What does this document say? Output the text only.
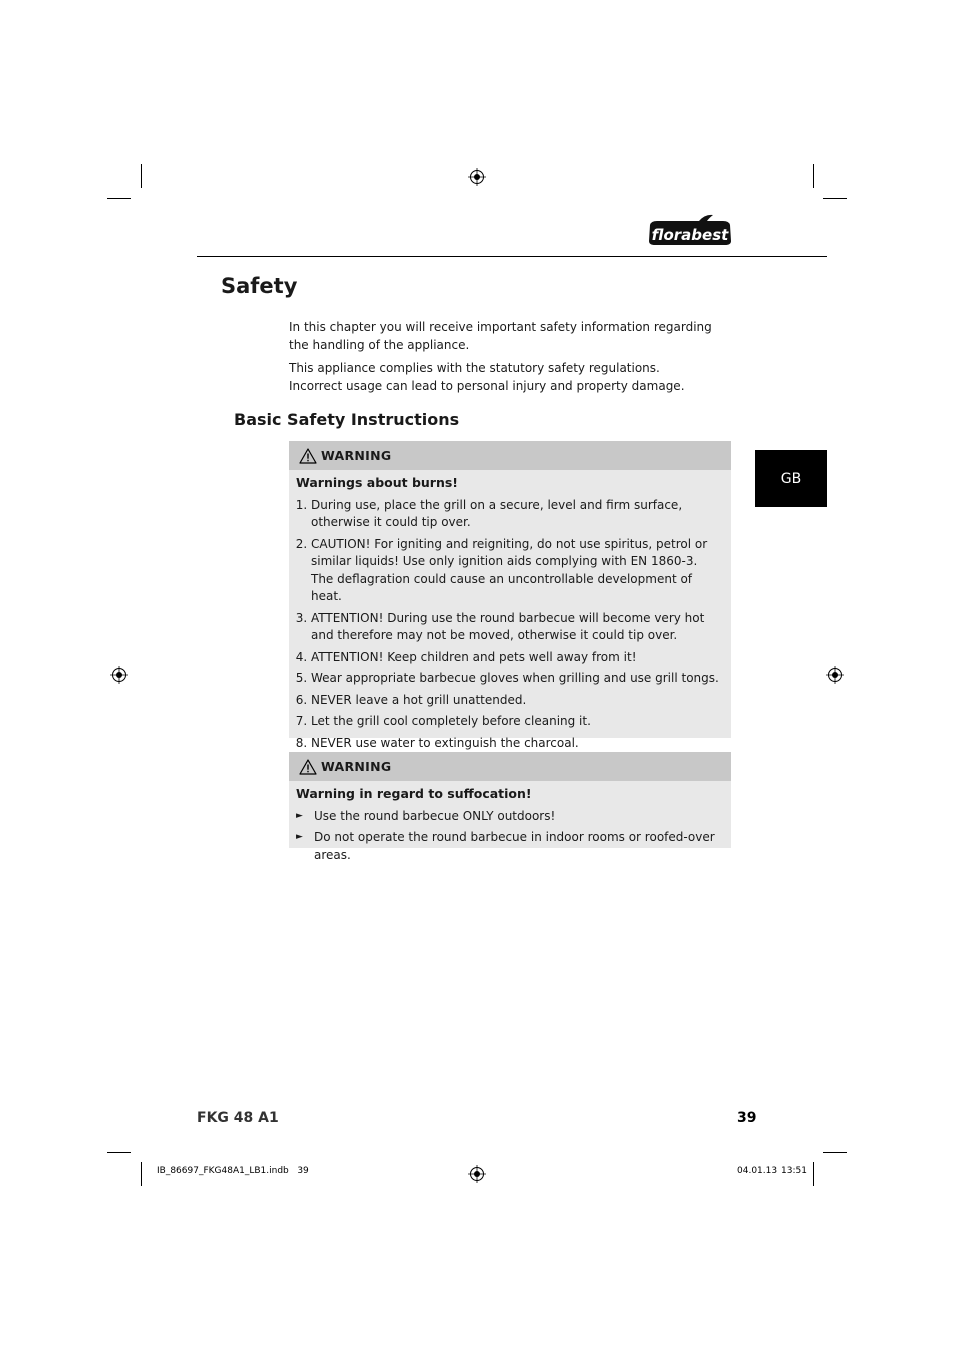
florabest
Safety

In this chapter you will receive important safety information regarding the handling of the appliance.

This appliance complies with the statutory safety regulations.
Incorrect usage can lead to personal injury and property damage.

Basic Safety Instructions
GB
WARNING
Warnings about burns!
1. During use, place the grill on a secure, level and firm surface, otherwise it could tip over.
2. CAUTION! For igniting and reigniting, do not use spiritus, petrol or similar liquids! Use only ignition aids complying with EN 1860-3. The deflagration could cause an uncontrollable development of heat.
3. ATTENTION! During use the round barbecue will become very hot and therefore may not be moved, otherwise it could tip over.
4. ATTENTION! Keep children and pets well away from it!
5. Wear appropriate barbecue gloves when grilling and use grill tongs.
6. NEVER leave a hot grill unattended.
7. Let the grill cool completely before cleaning it.
8. NEVER use water to extinguish the charcoal.
WARNING
Warning in regard to suffocation!
► Use the round barbecue ONLY outdoors!
► Do not operate the round barbecue in indoor rooms or roofed-over areas.
FKG 48 A1	39
IB_86697_FKG48A1_LB1.indb   39	04.01.13 13:51
